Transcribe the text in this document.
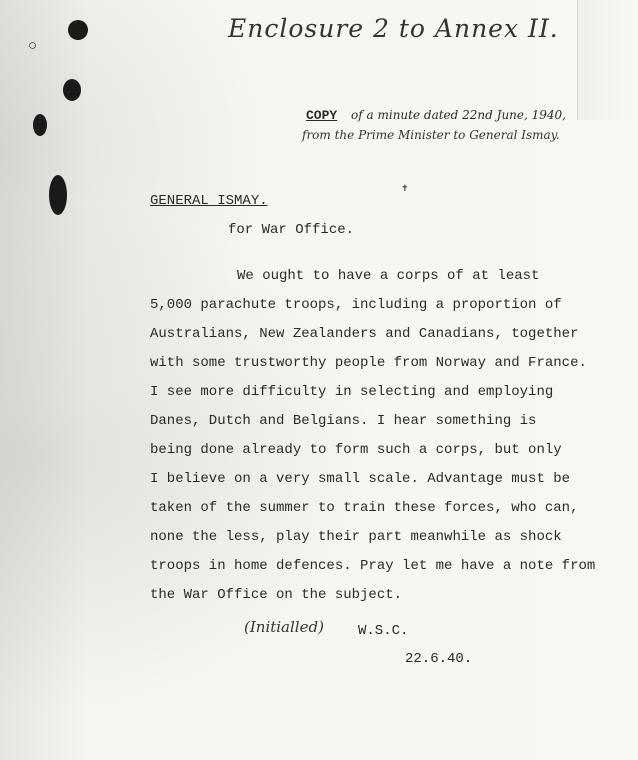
○
Enclosure 2 to Annex II.
COPY of a minute dated 22nd June, 1940,
from the Prime Minister to General Ismay.
✝
GENERAL ISMAY.
for War Office.
We ought to have a corps of at least
5,000 parachute troops, including a proportion of
Australians, New Zealanders and Canadians, together
with some trustworthy people from Norway and France.
I see more difficulty in selecting and employing
Danes, Dutch and Belgians. I hear something is
being done already to form such a corps, but only
I believe on a very small scale. Advantage must be
taken of the summer to train these forces, who can,
none the less, play their part meanwhile as shock
troops in home defences. Pray let me have a note from
the War Office on the subject.
(Initialled) W.S.C.
22.6.40.
